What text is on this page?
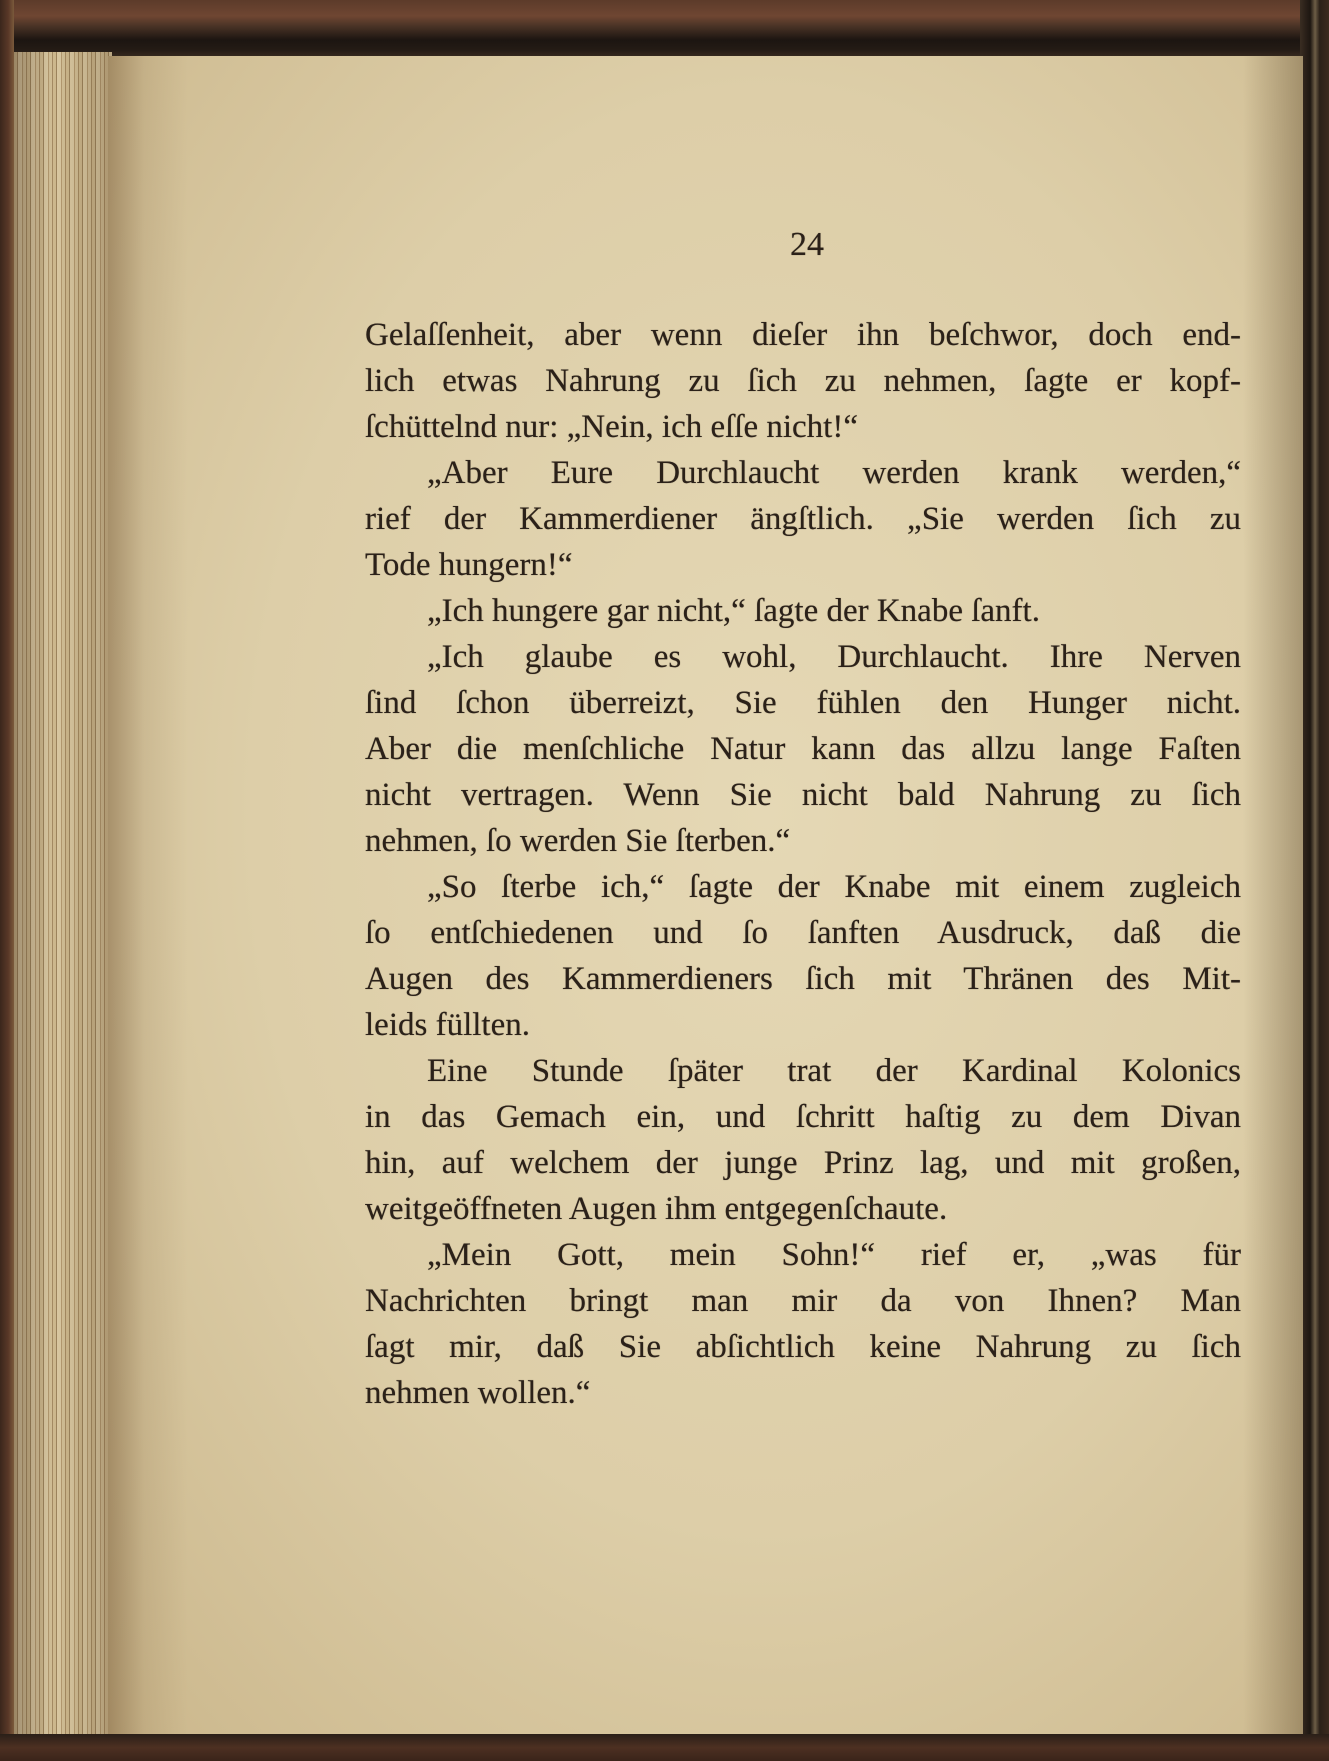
24
Gelaſſenheit, aber wenn dieſer ihn beſchwor, doch end-
lich etwas Nahrung zu ſich zu nehmen, ſagte er kopf-
ſchüttelnd nur: „Nein, ich eſſe nicht!“
„Aber Eure Durchlaucht werden krank werden,“
rief der Kammerdiener ängſtlich. „Sie werden ſich zu
Tode hungern!“
„Ich hungere gar nicht,“ ſagte der Knabe ſanft.
„Ich glaube es wohl, Durchlaucht. Ihre Nerven
ſind ſchon überreizt, Sie fühlen den Hunger nicht.
Aber die menſchliche Natur kann das allzu lange Faſten
nicht vertragen. Wenn Sie nicht bald Nahrung zu ſich
nehmen, ſo werden Sie ſterben.“
„So ſterbe ich,“ ſagte der Knabe mit einem zugleich
ſo entſchiedenen und ſo ſanften Ausdruck, daß die
Augen des Kammerdieners ſich mit Thränen des Mit-
leids füllten.
Eine Stunde ſpäter trat der Kardinal Kolonics
in das Gemach ein, und ſchritt haſtig zu dem Divan
hin, auf welchem der junge Prinz lag, und mit großen,
weitgeöffneten Augen ihm entgegenſchaute.
„Mein Gott, mein Sohn!“ rief er, „was für
Nachrichten bringt man mir da von Ihnen? Man
ſagt mir, daß Sie abſichtlich keine Nahrung zu ſich
nehmen wollen.“
